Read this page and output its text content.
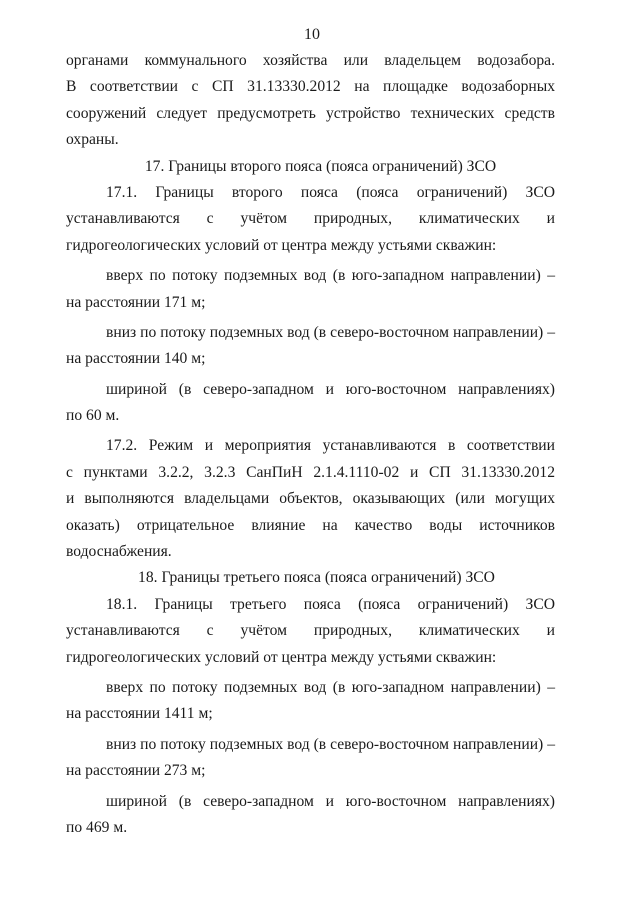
10
органами коммунального хозяйства или владельцем водозабора.
В соответствии с СП 31.13330.2012 на площадке водозаборных
сооружений следует предусмотреть устройство технических средств
охраны.
17. Границы второго пояса (пояса ограничений) ЗСО
17.1. Границы второго пояса (пояса ограничений) ЗСО
устанавливаются с учётом природных, климатических и
гидрогеологических условий от центра между устьями скважин:
вверх по потоку подземных вод (в юго-западном направлении) –
на расстоянии 171 м;
вниз по потоку подземных вод (в северо-восточном направлении) –
на расстоянии 140 м;
шириной (в северо-западном и юго-восточном направлениях)
по 60 м.
17.2. Режим и мероприятия устанавливаются в соответствии
с пунктами 3.2.2, 3.2.3 СанПиН 2.1.4.1110-02 и СП 31.13330.2012
и выполняются владельцами объектов, оказывающих (или могущих
оказать) отрицательное влияние на качество воды источников
водоснабжения.
18. Границы третьего пояса (пояса ограничений) ЗСО
18.1. Границы третьего пояса (пояса ограничений) ЗСО
устанавливаются с учётом природных, климатических и
гидрогеологических условий от центра между устьями скважин:
вверх по потоку подземных вод (в юго-западном направлении) –
на расстоянии 1411 м;
вниз по потоку подземных вод (в северо-восточном направлении) –
на расстоянии 273 м;
шириной (в северо-западном и юго-восточном направлениях)
по 469 м.
